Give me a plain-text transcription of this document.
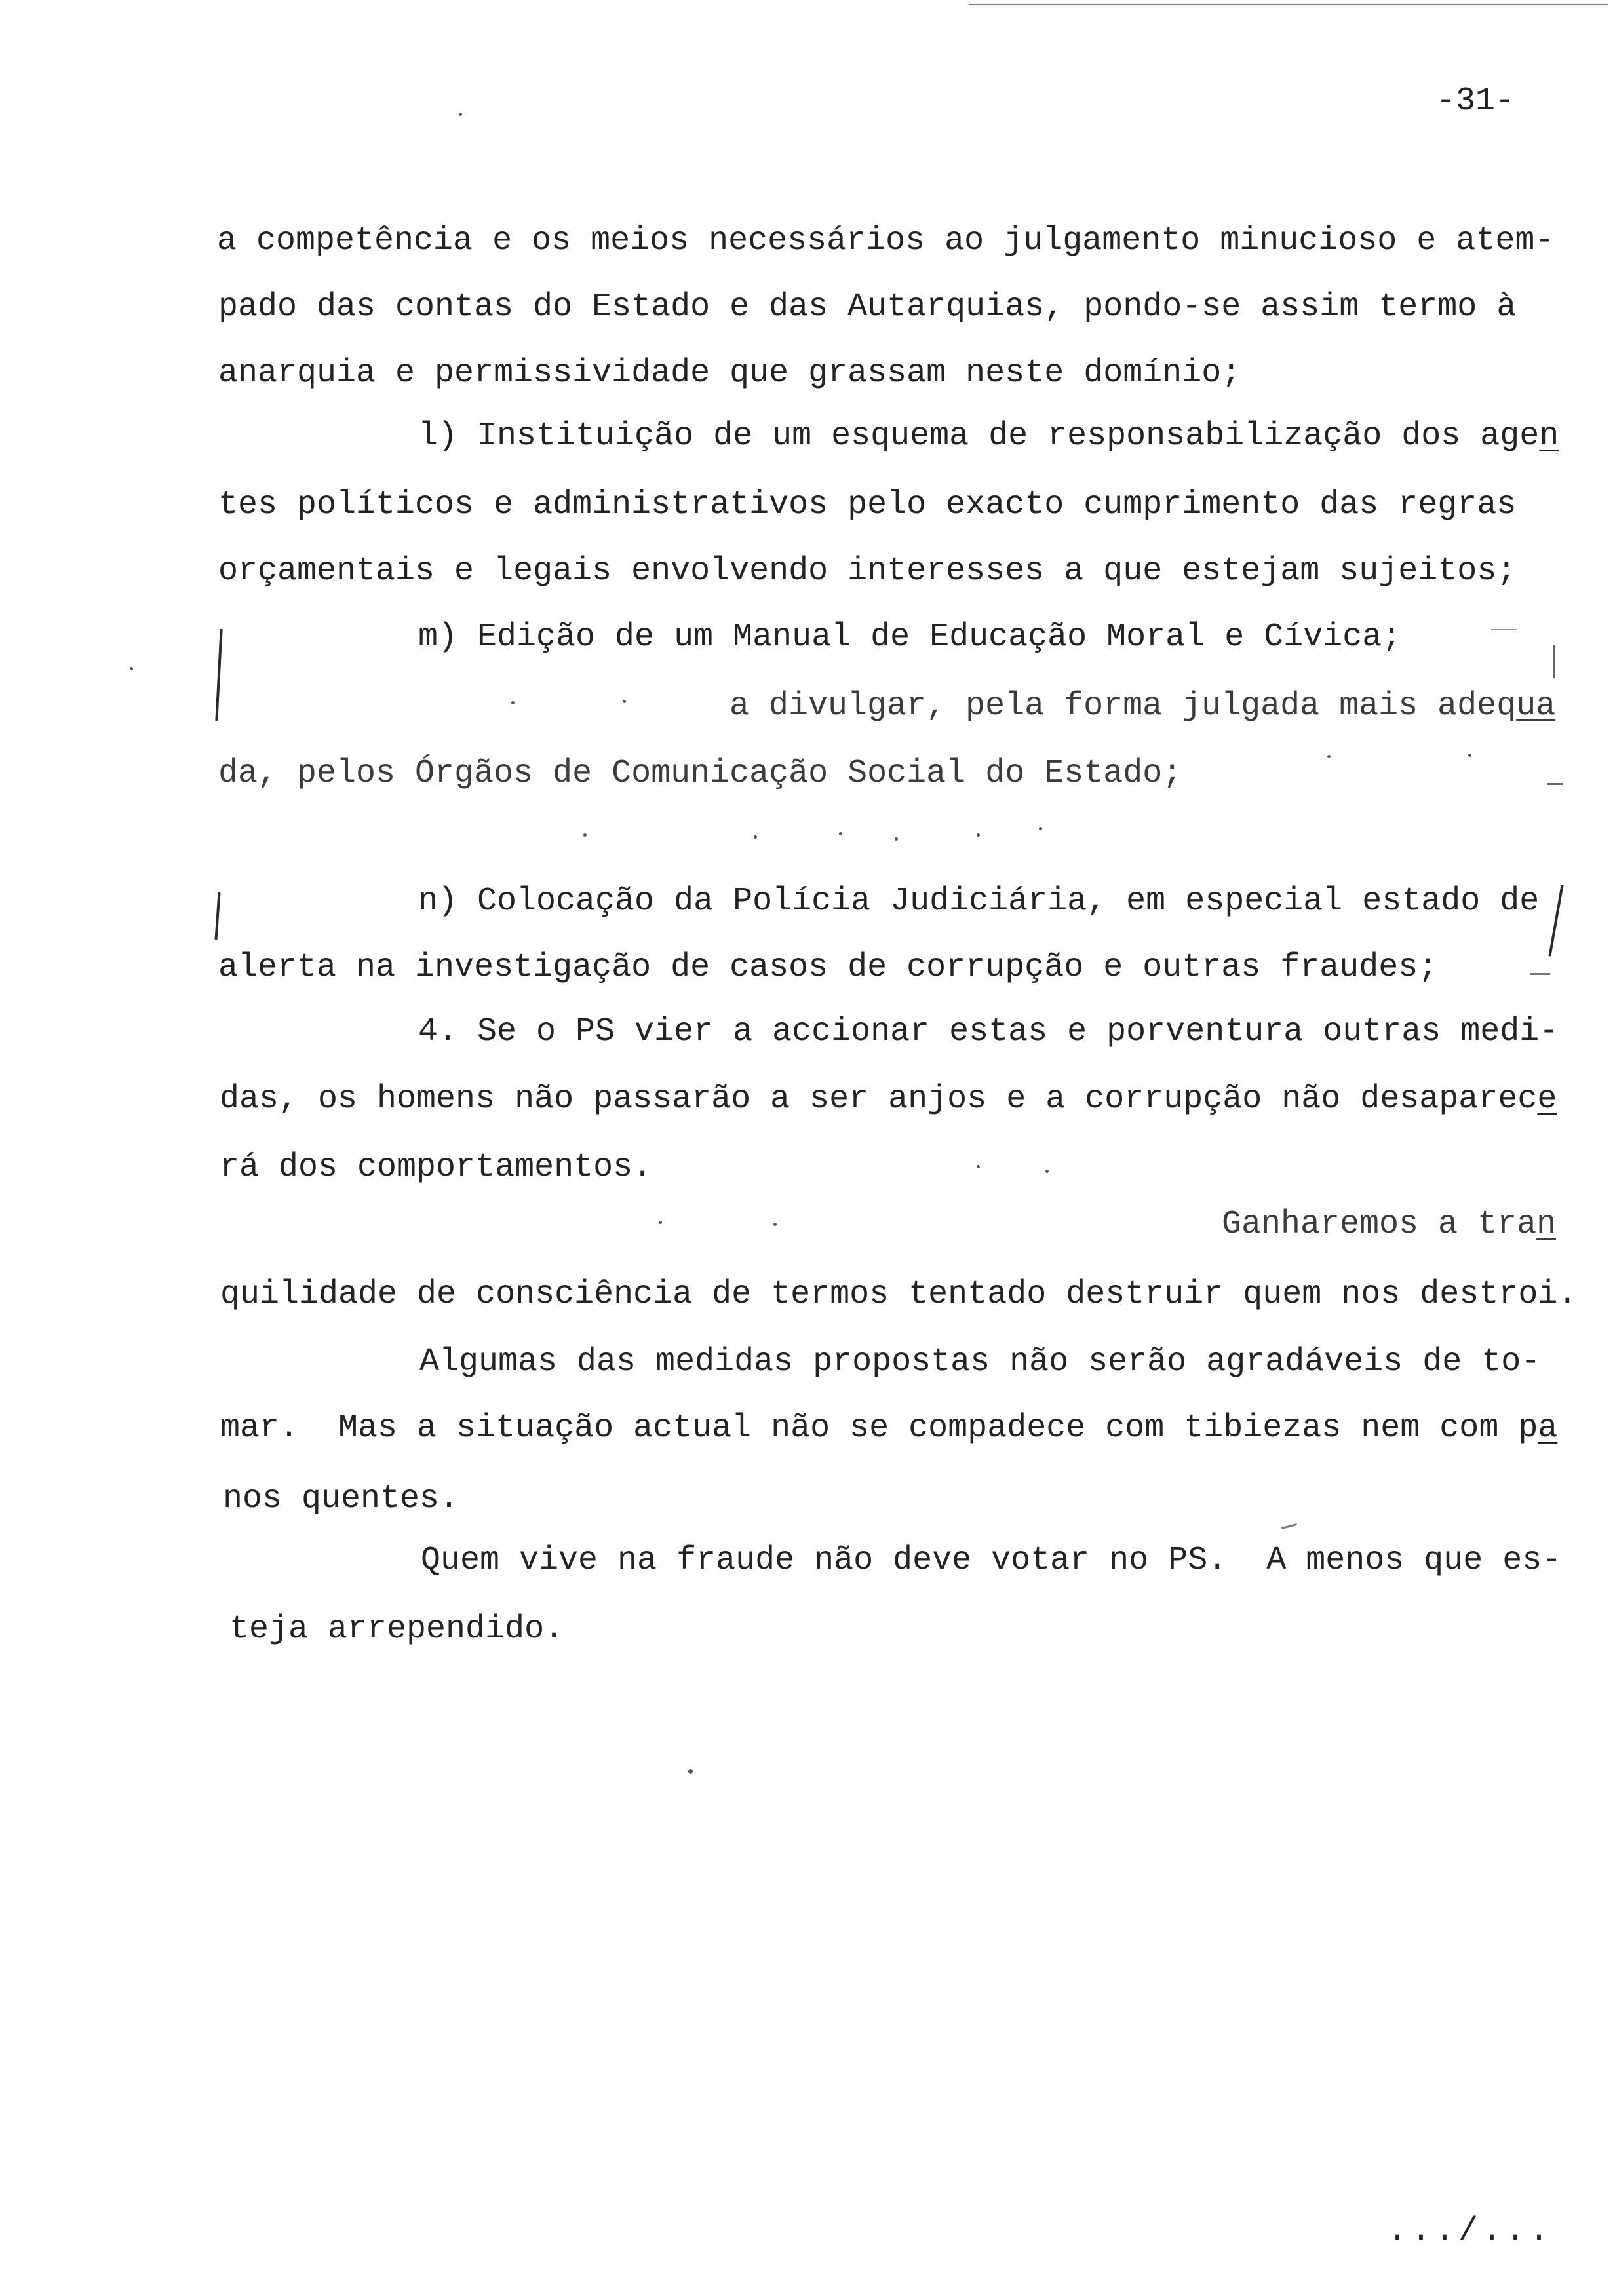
-31-
a competência e os meios necessários ao julgamento minucioso e atem-
pado das contas do Estado e das Autarquias, pondo-se assim termo à
anarquia e permissividade que grassam neste domínio;
l) Instituição de um esquema de responsabilização dos agen
tes políticos e administrativos pelo exacto cumprimento das regras
orçamentais e legais envolvendo interesses a que estejam sujeitos;
m) Edição de um Manual de Educação Moral e Cívica;
a divulgar, pela forma julgada mais adequa
da, pelos Órgãos de Comunicação Social do Estado;
n) Colocação da Polícia Judiciária, em especial estado de
alerta na investigação de casos de corrupção e outras fraudes;
4. Se o PS vier a accionar estas e porventura outras medi-
das, os homens não passarão a ser anjos e a corrupção não desaparece
rá dos comportamentos.
Ganharemos a tran
quilidade de consciência de termos tentado destruir quem nos destroi.
Algumas das medidas propostas não serão agradáveis de to-
mar.  Mas a situação actual não se compadece com tibiezas nem com pa
nos quentes.
Quem vive na fraude não deve votar no PS.  A menos que es-
teja arrependido.
.../...
